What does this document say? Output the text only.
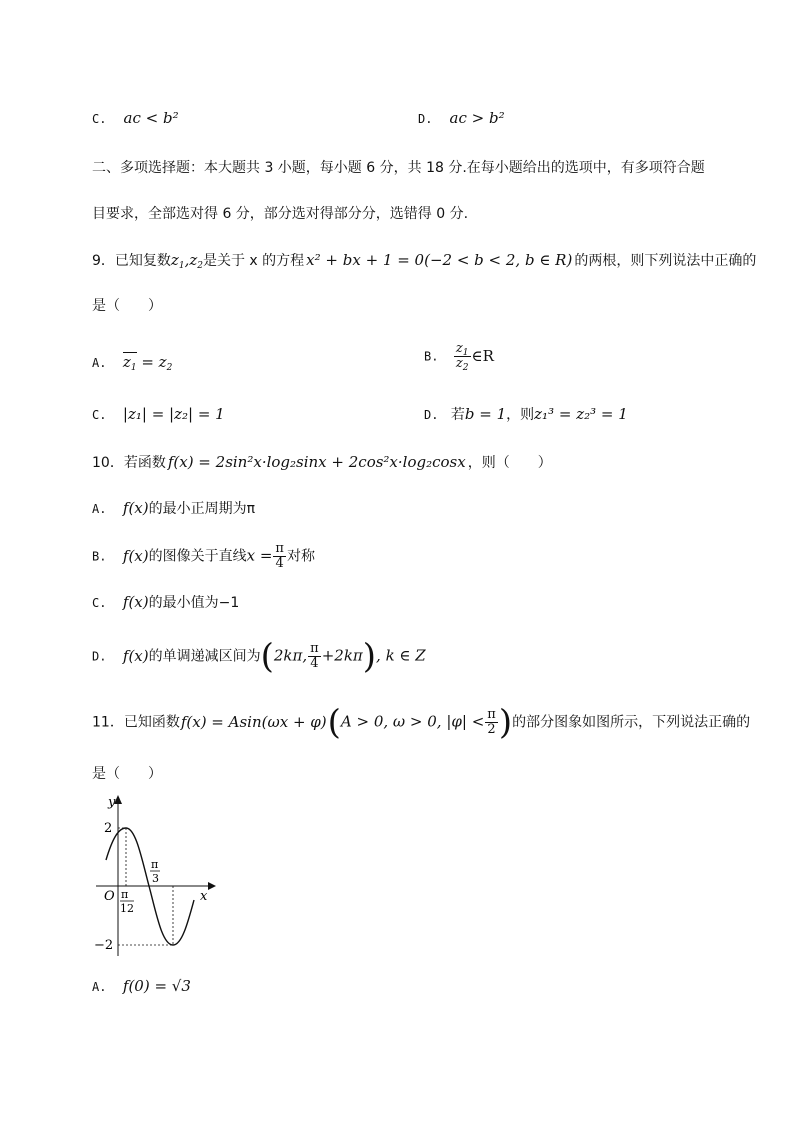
C. ac < b²	D. ac > b²
二、多项选择题：本大题共 3 小题，每小题 6 分，共 18 分.在每小题给出的选项中，有多项符合题
目要求，全部选对得 6 分，部分选对得部分分，选错得 0 分.
9．已知复数$z_1,z_2$是关于 x 的方程 x² + bx + 1 = 0(−2 < b < 2, b ∈ R) 的两根，则下列说法中正确的
是（　　）
A. $z_1 = z_2$
B. $\frac{z_1}{z_2}$ ∈R
C. |z₁| = |z₂| = 1	D. 若b = 1，则z₁³ = z₂³ = 1
10．若函数 f(x) = 2sin²x·log₂sinx + 2cos²x·log₂cosx ，则（　　）
A. f(x)的最小正周期为π
B. f(x)的图像关于直线$x = \frac{\pi}{4}$ 对称
C. f(x)的最小值为−1
D. f(x)的单调递减区间为(2kπ, $\frac{\pi}{4} +2k\pi$), k ∈ Z
11．已知函数f(x) = Asin(ωx + φ)(A > 0, ω > 0, $|\varphi| < \frac{\pi}{2}$ )的部分图象如图所示，下列说法正确的
是（　　）
y
x
O
2
−2
π
12
π
3
A. f(0) = √3
